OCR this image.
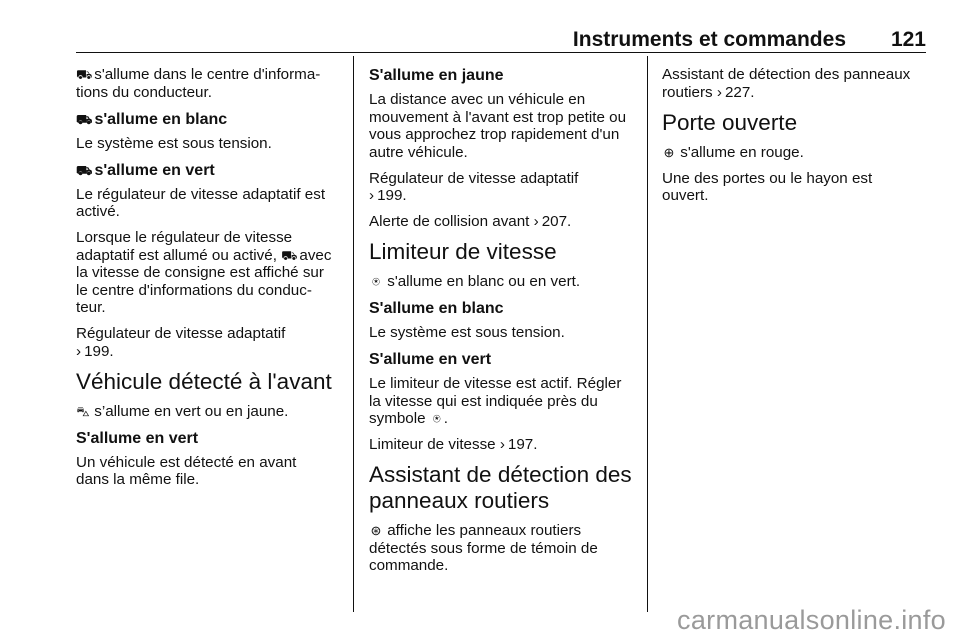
Instruments et commandes 121

⛟ s'allume dans le centre d'informa-
tions du conducteur.

⛟ s'allume en blanc

Le système est sous tension.

⛟ s'allume en vert

Le régulateur de vitesse adaptatif est
activé.

Lorsque le régulateur de vitesse
adaptatif est allumé ou activé, ⛟ avec
la vitesse de consigne est affiché sur
le centre d'informations du conduc-
teur.

Régulateur de vitesse adaptatif
› 199.

Véhicule détecté à l'avant

⛍ s’allume en vert ou en jaune.

S'allume en vert

Un véhicule est détecté en avant
dans la même file.

S'allume en jaune

La distance avec un véhicule en
mouvement à l'avant est trop petite ou
vous approchez trop rapidement d'un
autre véhicule.

Régulateur de vitesse adaptatif
› 199.

Alerte de collision avant › 207.

Limiteur de vitesse

⍟ s'allume en blanc ou en vert.

S'allume en blanc

Le système est sous tension.

S'allume en vert

Le limiteur de vitesse est actif. Régler
la vitesse qui est indiquée près du
symbole ⍟ .

Limiteur de vitesse › 197.

Assistant de détection des
panneaux routiers

⊛ affiche les panneaux routiers
détectés sous forme de témoin de
commande.

Assistant de détection des panneaux
routiers › 227.

Porte ouverte

⊕ s'allume en rouge.

Une des portes ou le hayon est
ouvert.

carmanualsonline.info
